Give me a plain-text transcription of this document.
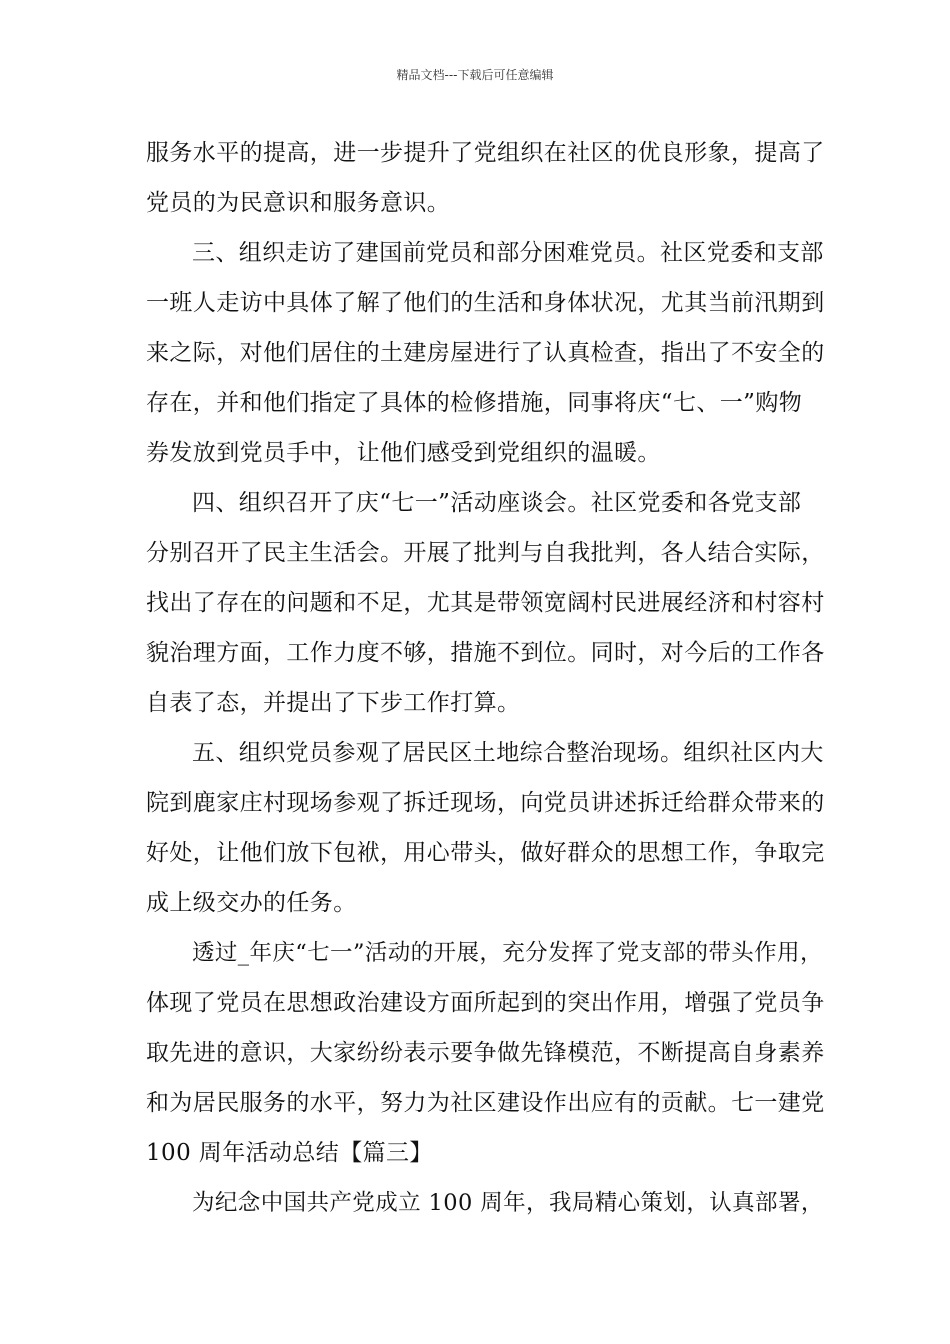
精品文档---下载后可任意编辑
服务水平的提高，进一步提升了党组织在社区的优良形象，提高了
党员的为民意识和服务意识。
三、组织走访了建国前党员和部分困难党员。社区党委和支部
一班人走访中具体了解了他们的生活和身体状况，尤其当前汛期到
来之际，对他们居住的土建房屋进行了认真检查，指出了不安全的
存在，并和他们指定了具体的检修措施，同事将庆“七、一”购物
券发放到党员手中，让他们感受到党组织的温暖。
四、组织召开了庆“七一”活动座谈会。社区党委和各党支部
分别召开了民主生活会。开展了批判与自我批判，各人结合实际，
找出了存在的问题和不足，尤其是带领宽阔村民进展经济和村容村
貌治理方面，工作力度不够，措施不到位。同时，对今后的工作各
自表了态，并提出了下步工作打算。
五、组织党员参观了居民区土地综合整治现场。组织社区内大
院到鹿家庄村现场参观了拆迁现场，向党员讲述拆迁给群众带来的
好处，让他们放下包袱，用心带头，做好群众的思想工作，争取完
成上级交办的任务。
透过_年庆“七一”活动的开展，充分发挥了党支部的带头作用，
体现了党员在思想政治建设方面所起到的突出作用，增强了党员争
取先进的意识，大家纷纷表示要争做先锋模范，不断提高自身素养
和为居民服务的水平，努力为社区建设作出应有的贡献。七一建党
100 周年活动总结【篇三】
为纪念中国共产党成立 100 周年，我局精心策划，认真部署，
